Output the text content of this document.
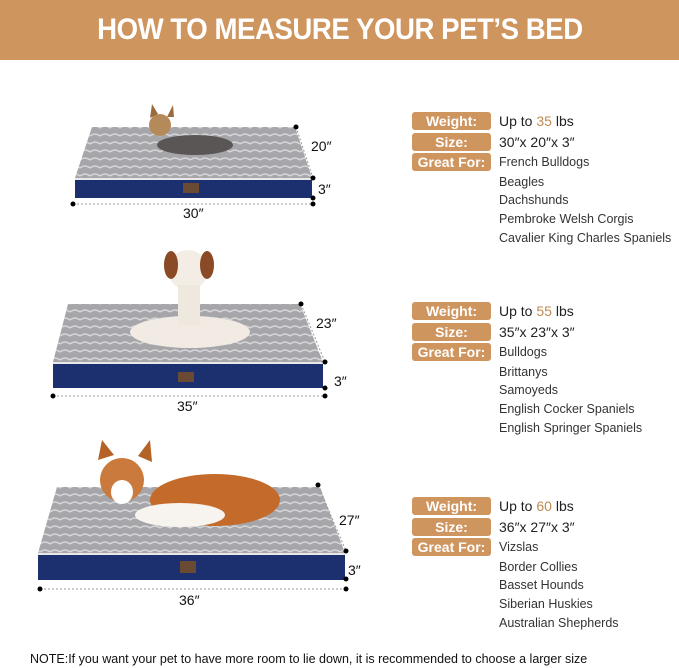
HOW TO MEASURE YOUR PET’S BED
30″
20″
3″
35″
23″
3″
36″
27″
3″
Weight:	Up to 35 lbs
Size:	30″x 20″x 3″
Great For:	French Bulldogs
Beagles
Dachshunds
Pembroke Welsh Corgis
Cavalier King Charles Spaniels
Weight:	Up to 55 lbs
Size:	35″x 23″x 3″
Great For:	Bulldogs
Brittanys
Samoyeds
English Cocker Spaniels
English Springer Spaniels
Weight:	Up to 60 lbs
Size:	36″x 27″x 3″
Great For:	Vizslas
Border Collies
Basset Hounds
Siberian Huskies
Australian Shepherds
NOTE:If you want your pet to have more room to lie down, it is recommended to choose a larger size
